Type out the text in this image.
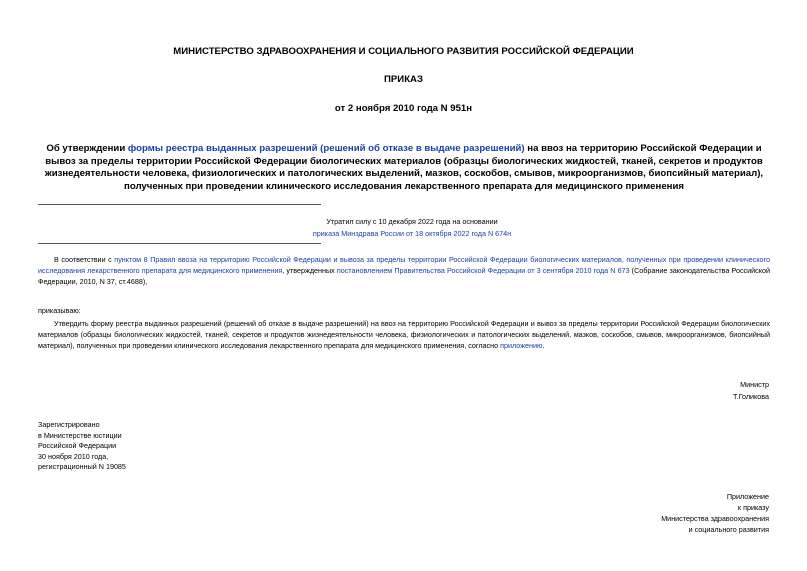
МИНИСТЕРСТВО ЗДРАВООХРАНЕНИЯ И СОЦИАЛЬНОГО РАЗВИТИЯ РОССИЙСКОЙ ФЕДЕРАЦИИ
ПРИКАЗ
от 2 ноября 2010 года N 951н
Об утверждении формы реестра выданных разрешений (решений об отказе в выдаче разрешений) на ввоз на территорию Российской Федерации и вывоз за пределы территории Российской Федерации биологических материалов (образцы биологических жидкостей, тканей, секретов и продуктов жизнедеятельности человека, физиологических и патологических выделений, мазков, соскобов, смывов, микроорганизмов, биопсийный материал), полученных при проведении клинического исследования лекарственного препарата для медицинского применения
Утратил силу с 10 декабря 2022 года на основании
приказа Минздрава России от 18 октября 2022 года N 674н
В соответствии с пунктом 8 Правил ввоза на территорию Российской Федерации и вывоза за пределы территории Российской Федерации биологических материалов, полученных при проведении клинического исследования лекарственного препарата для медицинского применения, утвержденных постановлением Правительства Российской Федерации от 3 сентября 2010 года N 673 (Собрание законодательства Российской Федерации, 2010, N 37, ст.4688),
приказываю:
Утвердить форму реестра выданных разрешений (решений об отказе в выдаче разрешений) на ввоз на территорию Российской Федерации и вывоз за пределы территории Российской Федерации биологических материалов (образцы биологических жидкостей, тканей, секретов и продуктов жизнедеятельности человека, физиологических и патологических выделений, мазков, соскобов, смывов, микроорганизмов, биопсийный материал), полученных при проведении клинического исследования лекарственного препарата для медицинского применения, согласно приложению.
Министр
Т.Голикова
Зарегистрировано
в Министерстве юстиции
Российской Федерации
30 ноября 2010 года,
регистрационный N 19085
Приложение
к приказу
Министерства здравоохранения
и социального развития
